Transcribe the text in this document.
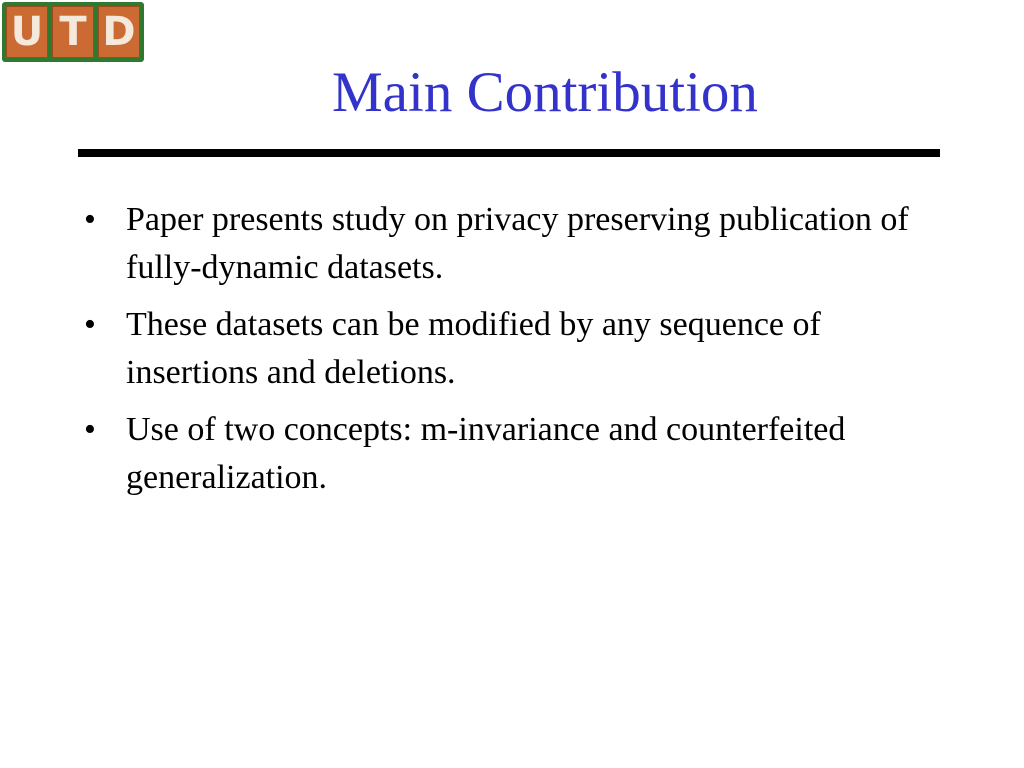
U T D
Main Contribution
• Paper presents study on privacy preserving publication of fully-dynamic datasets.
• These datasets can be modified by any sequence of insertions and deletions.
• Use of two concepts: m-invariance and counterfeited generalization.
